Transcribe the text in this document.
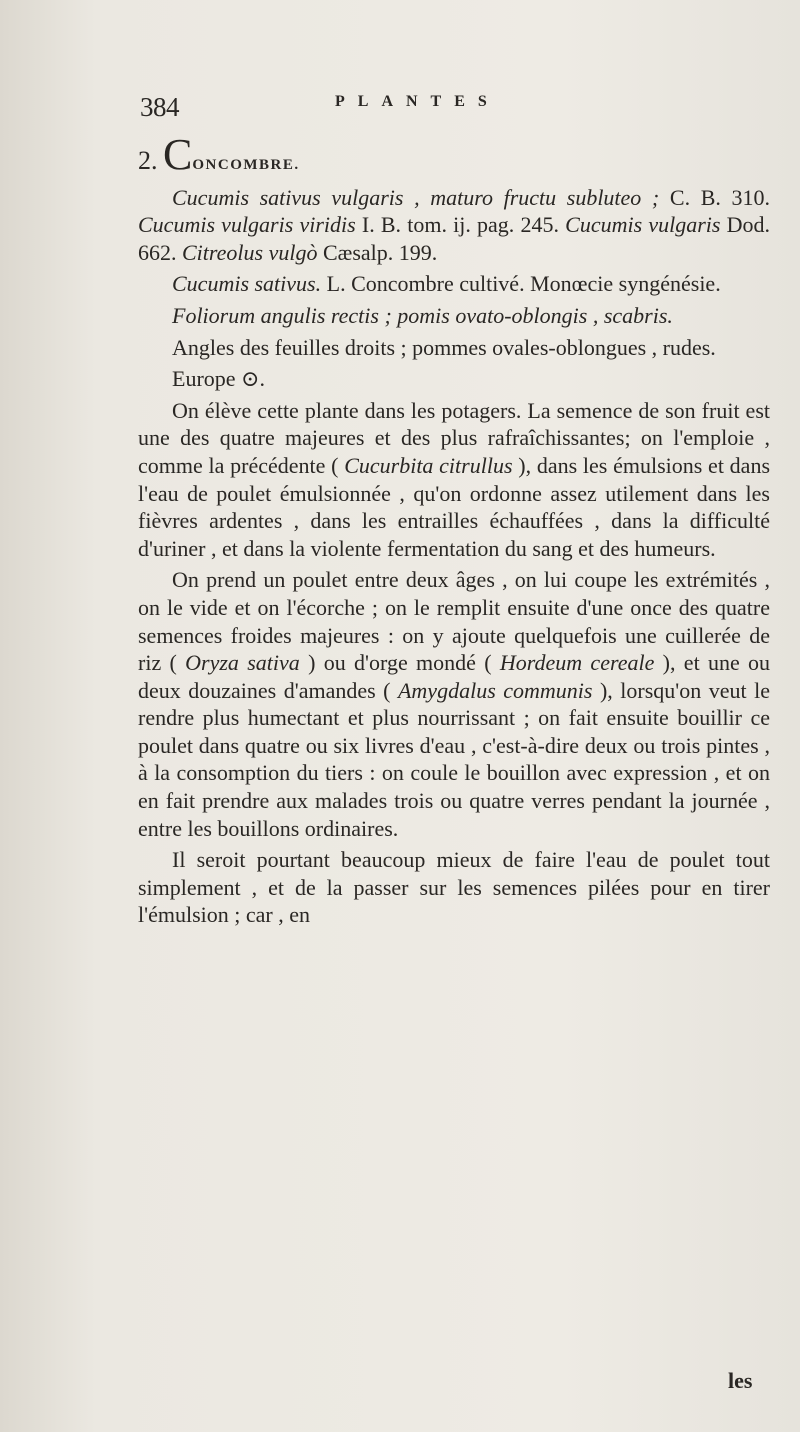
384	PLANTES

2. CONCOMBRE.

Cucumis sativus vulgaris , maturo fructu subluteo ; C. B. 310. Cucumis vulgaris viridis I. B. tom. ij. pag. 245. Cucumis vulgaris Dod. 662. Citreolus vulgò Cæsalp. 199.

Cucumis sativus. L. Concombre cultivé. Monœcie syngénésie.

Foliorum angulis rectis ; pomis ovato-oblongis , scabris.

Angles des feuilles droits ; pommes ovales-oblongues , rudes.

Europe ⊙.

On élève cette plante dans les potagers. La semence de son fruit est une des quatre majeures et des plus rafraîchissantes; on l'emploie , comme la précédente ( Cucurbita citrullus ), dans les émulsions et dans l'eau de poulet émulsionnée , qu'on ordonne assez utilement dans les fièvres ardentes , dans les entrailles échauffées , dans la difficulté d'uriner , et dans la violente fermentation du sang et des humeurs.

On prend un poulet entre deux âges , on lui coupe les extrémités , on le vide et on l'écorche ; on le remplit ensuite d'une once des quatre semences froides majeures : on y ajoute quelquefois une cuillerée de riz ( Oryza sativa ) ou d'orge mondé ( Hordeum cereale ), et une ou deux douzaines d'amandes ( Amygdalus communis ), lorsqu'on veut le rendre plus humectant et plus nourrissant ; on fait ensuite bouillir ce poulet dans quatre ou six livres d'eau , c'est-à-dire deux ou trois pintes , à la consomption du tiers : on coule le bouillon avec expression , et on en fait prendre aux malades trois ou quatre verres pendant la journée , entre les bouillons ordinaires.

Il seroit pourtant beaucoup mieux de faire l'eau de poulet tout simplement , et de la passer sur les semences pilées pour en tirer l'émulsion ; car , en

les
